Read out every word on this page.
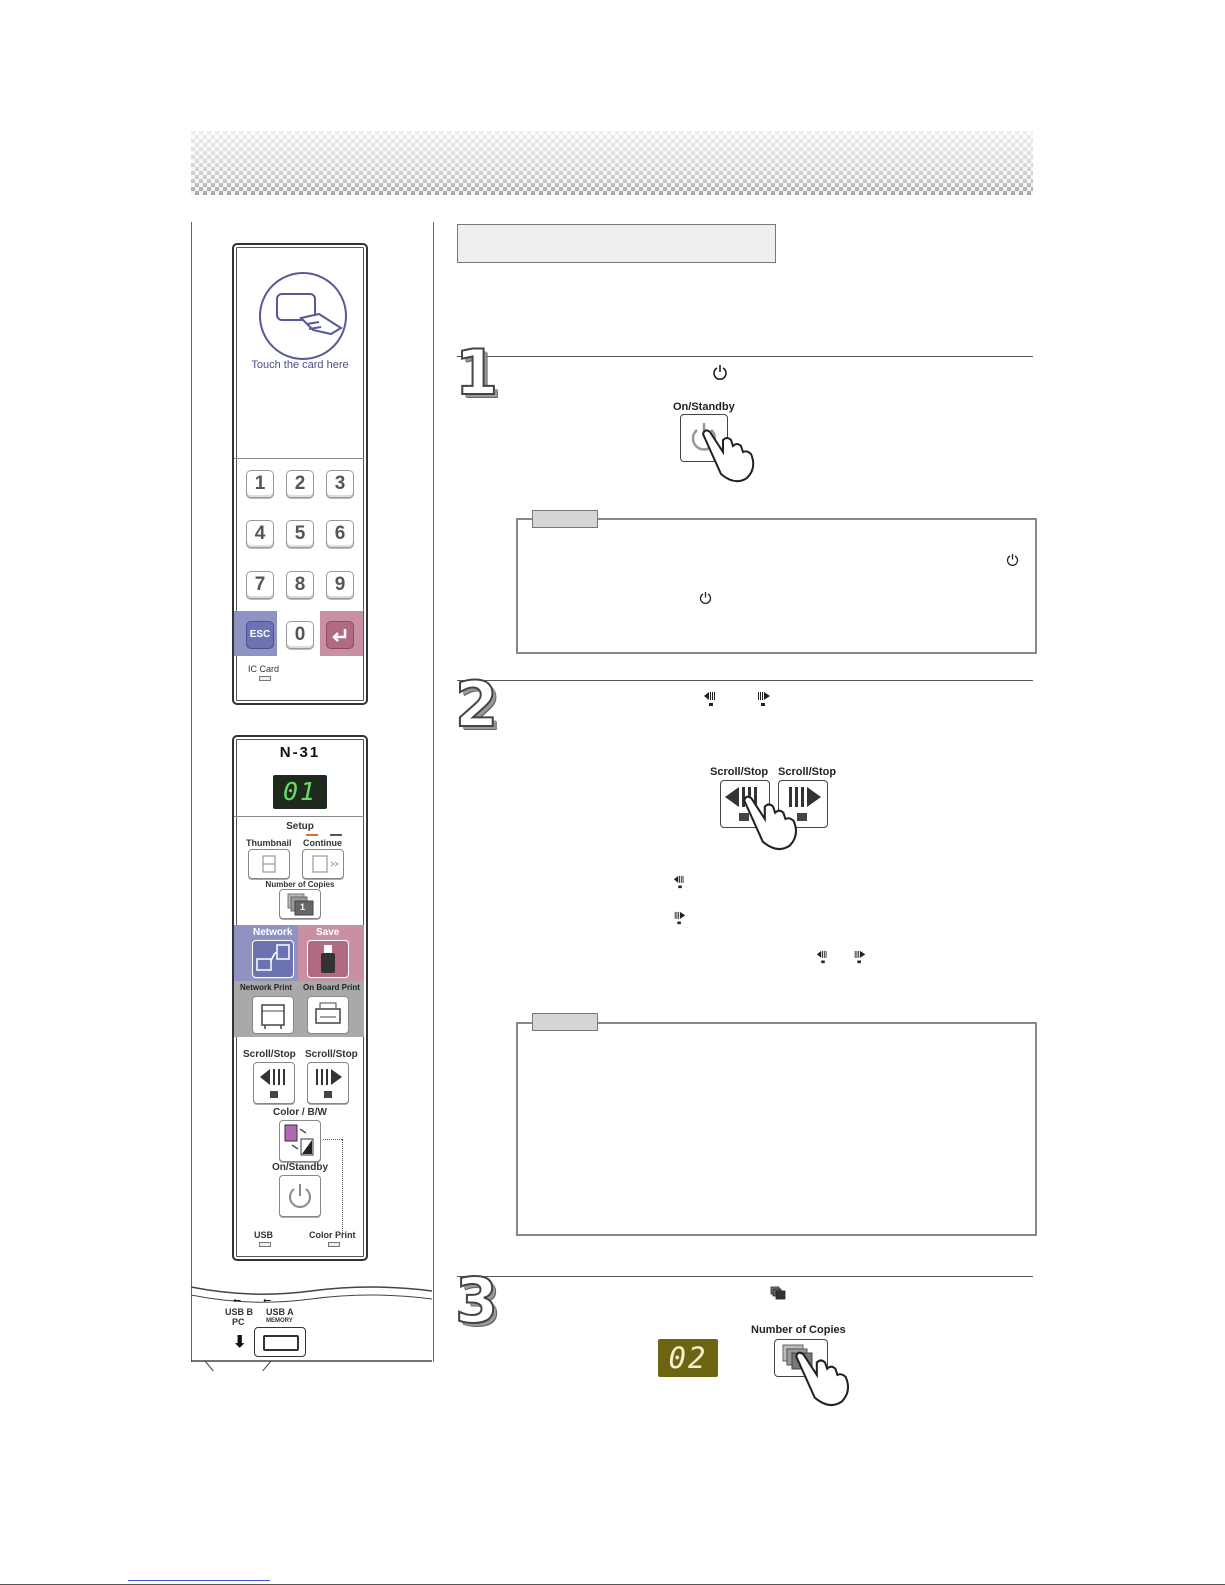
Touch the card here
1	2	3
4	5	6
7	8	9
ESC	0
IC Card
N-31
01
Setup
Thumbnail Continue
Number of Copies
1
Network Save
Network Print On Board Print
Scroll/Stop Scroll/Stop
Color / B/W
On/Standby
USB	Color Print
⭠ ⭠
USB B
PC
USB A
MEMORY
⬇
1	On/Standby
2
Scroll/Stop Scroll/Stop
3
02
Number of Copies
